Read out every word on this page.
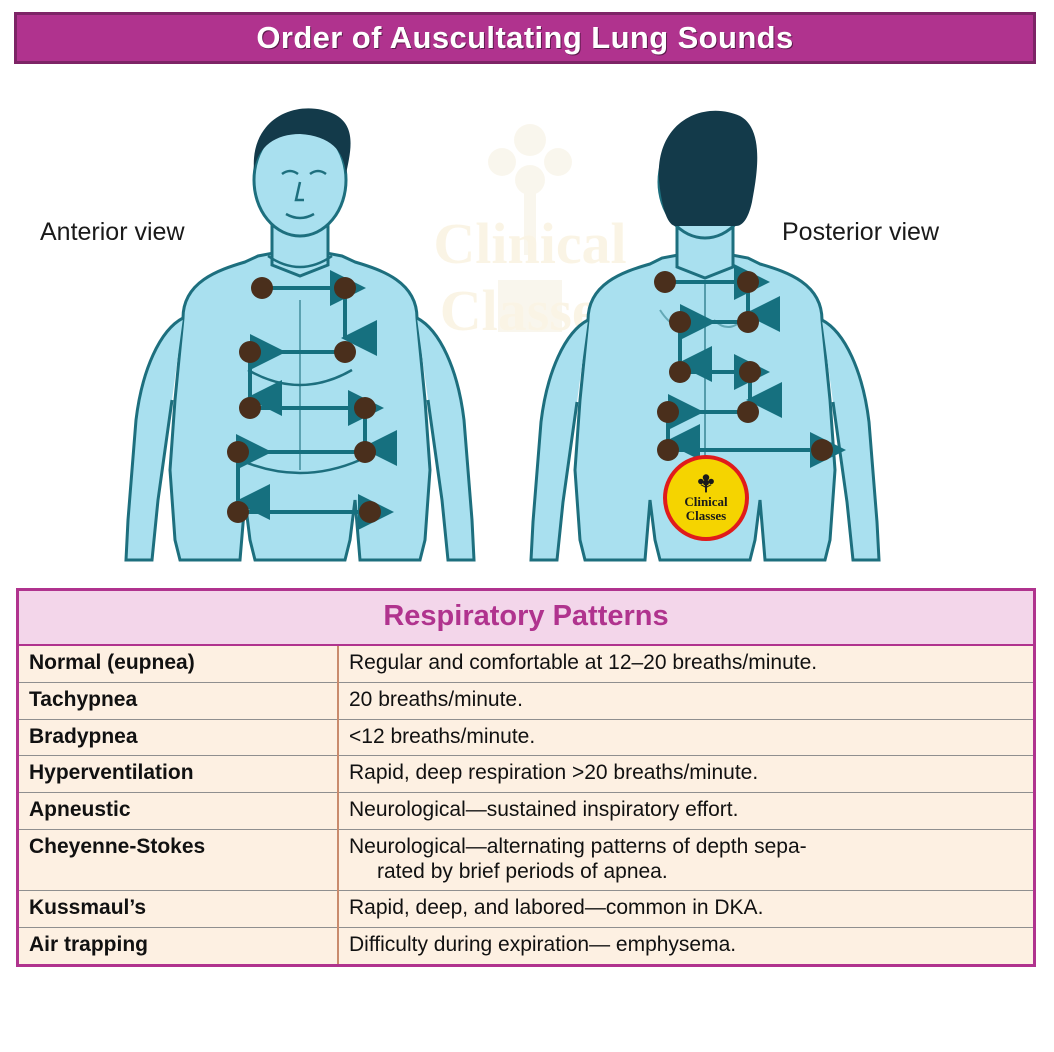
Order of Auscultating Lung Sounds
Clinical Classes
Anterior view	Posterior view
Clinical
Classes
Respiratory Patterns
Normal (eupnea)	Regular and comfortable at 12–20 breaths/minute.
Tachypnea	20 breaths/minute.
Bradypnea	<12 breaths/minute.
Hyperventilation	Rapid, deep respiration >20 breaths/minute.
Apneustic	Neurological—sustained inspiratory effort.
Cheyenne-Stokes	Neurological—alternating patterns of depth sepa-
rated by brief periods of apnea.

Kussmaul’s	Rapid, deep, and labored—common in DKA.
Air trapping	Difficulty during expiration— emphysema.
